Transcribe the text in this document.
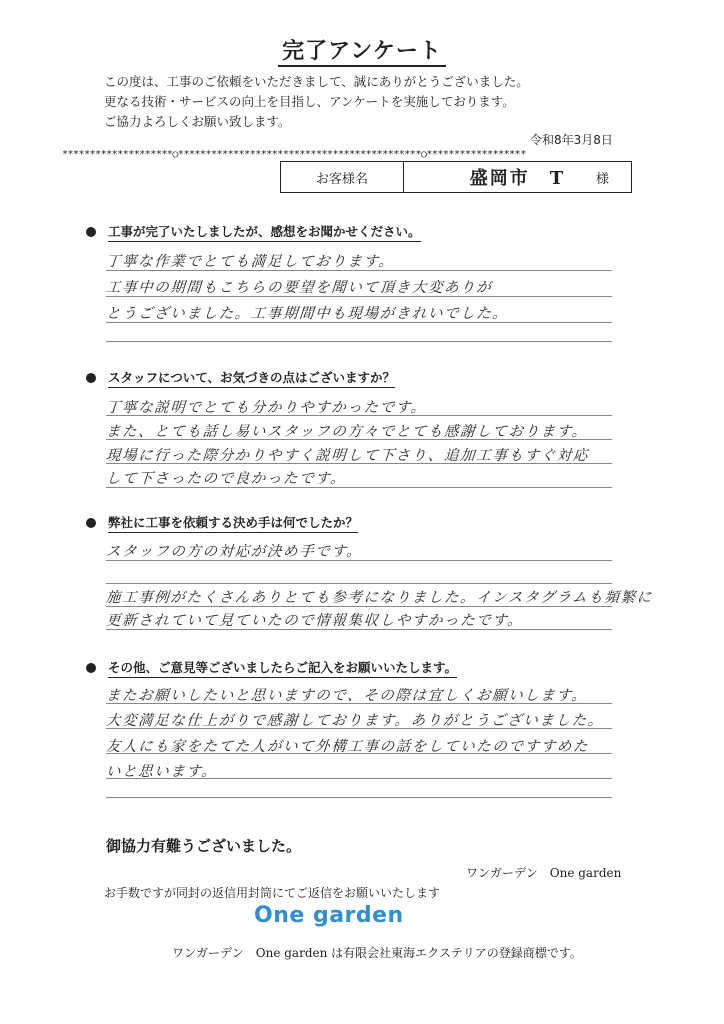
完了アンケート
この度は、工事のご依頼をいただきまして、誠にありがとうございました。
更なる技術・サービスの向上を目指し、アンケートを実施しております。
ご協力よろしくお願い致します。
令和8年3月8日
********************○********************************************○******************
お客様名	盛岡市　T 様
工事が完了いたしましたが、感想をお聞かせください。
丁寧な作業でとても満足しております。
工事中の期間もこちらの要望を聞いて頂き大変ありが
とうございました。工事期間中も現場がきれいでした。
スタッフについて、お気づきの点はございますか？
丁寧な説明でとても分かりやすかったです。
また、とても話し易いスタッフの方々でとても感謝しております。
現場に行った際分かりやすく説明して下さり、追加工事もすぐ対応
して下さったので良かったです。
弊社に工事を依頼する決め手は何でしたか？
スタッフの方の対応が決め手です。
施工事例がたくさんありとても参考になりました。インスタグラムも頻繁に
更新されていて見ていたので情報集収しやすかったです。
その他、ご意見等ございましたらご記入をお願いいたします。
またお願いしたいと思いますので、その際は宜しくお願いします。
大変満足な仕上がりで感謝しております。ありがとうございました。
友人にも家をたてた人がいて外構工事の話をしていたのですすめた
いと思います。
御協力有難うございました。
ワンガーデン　One garden
お手数ですが同封の返信用封筒にてご返信をお願いいたします
One garden
ワンガーデン　One garden は有限会社東海エクステリアの登録商標です。
